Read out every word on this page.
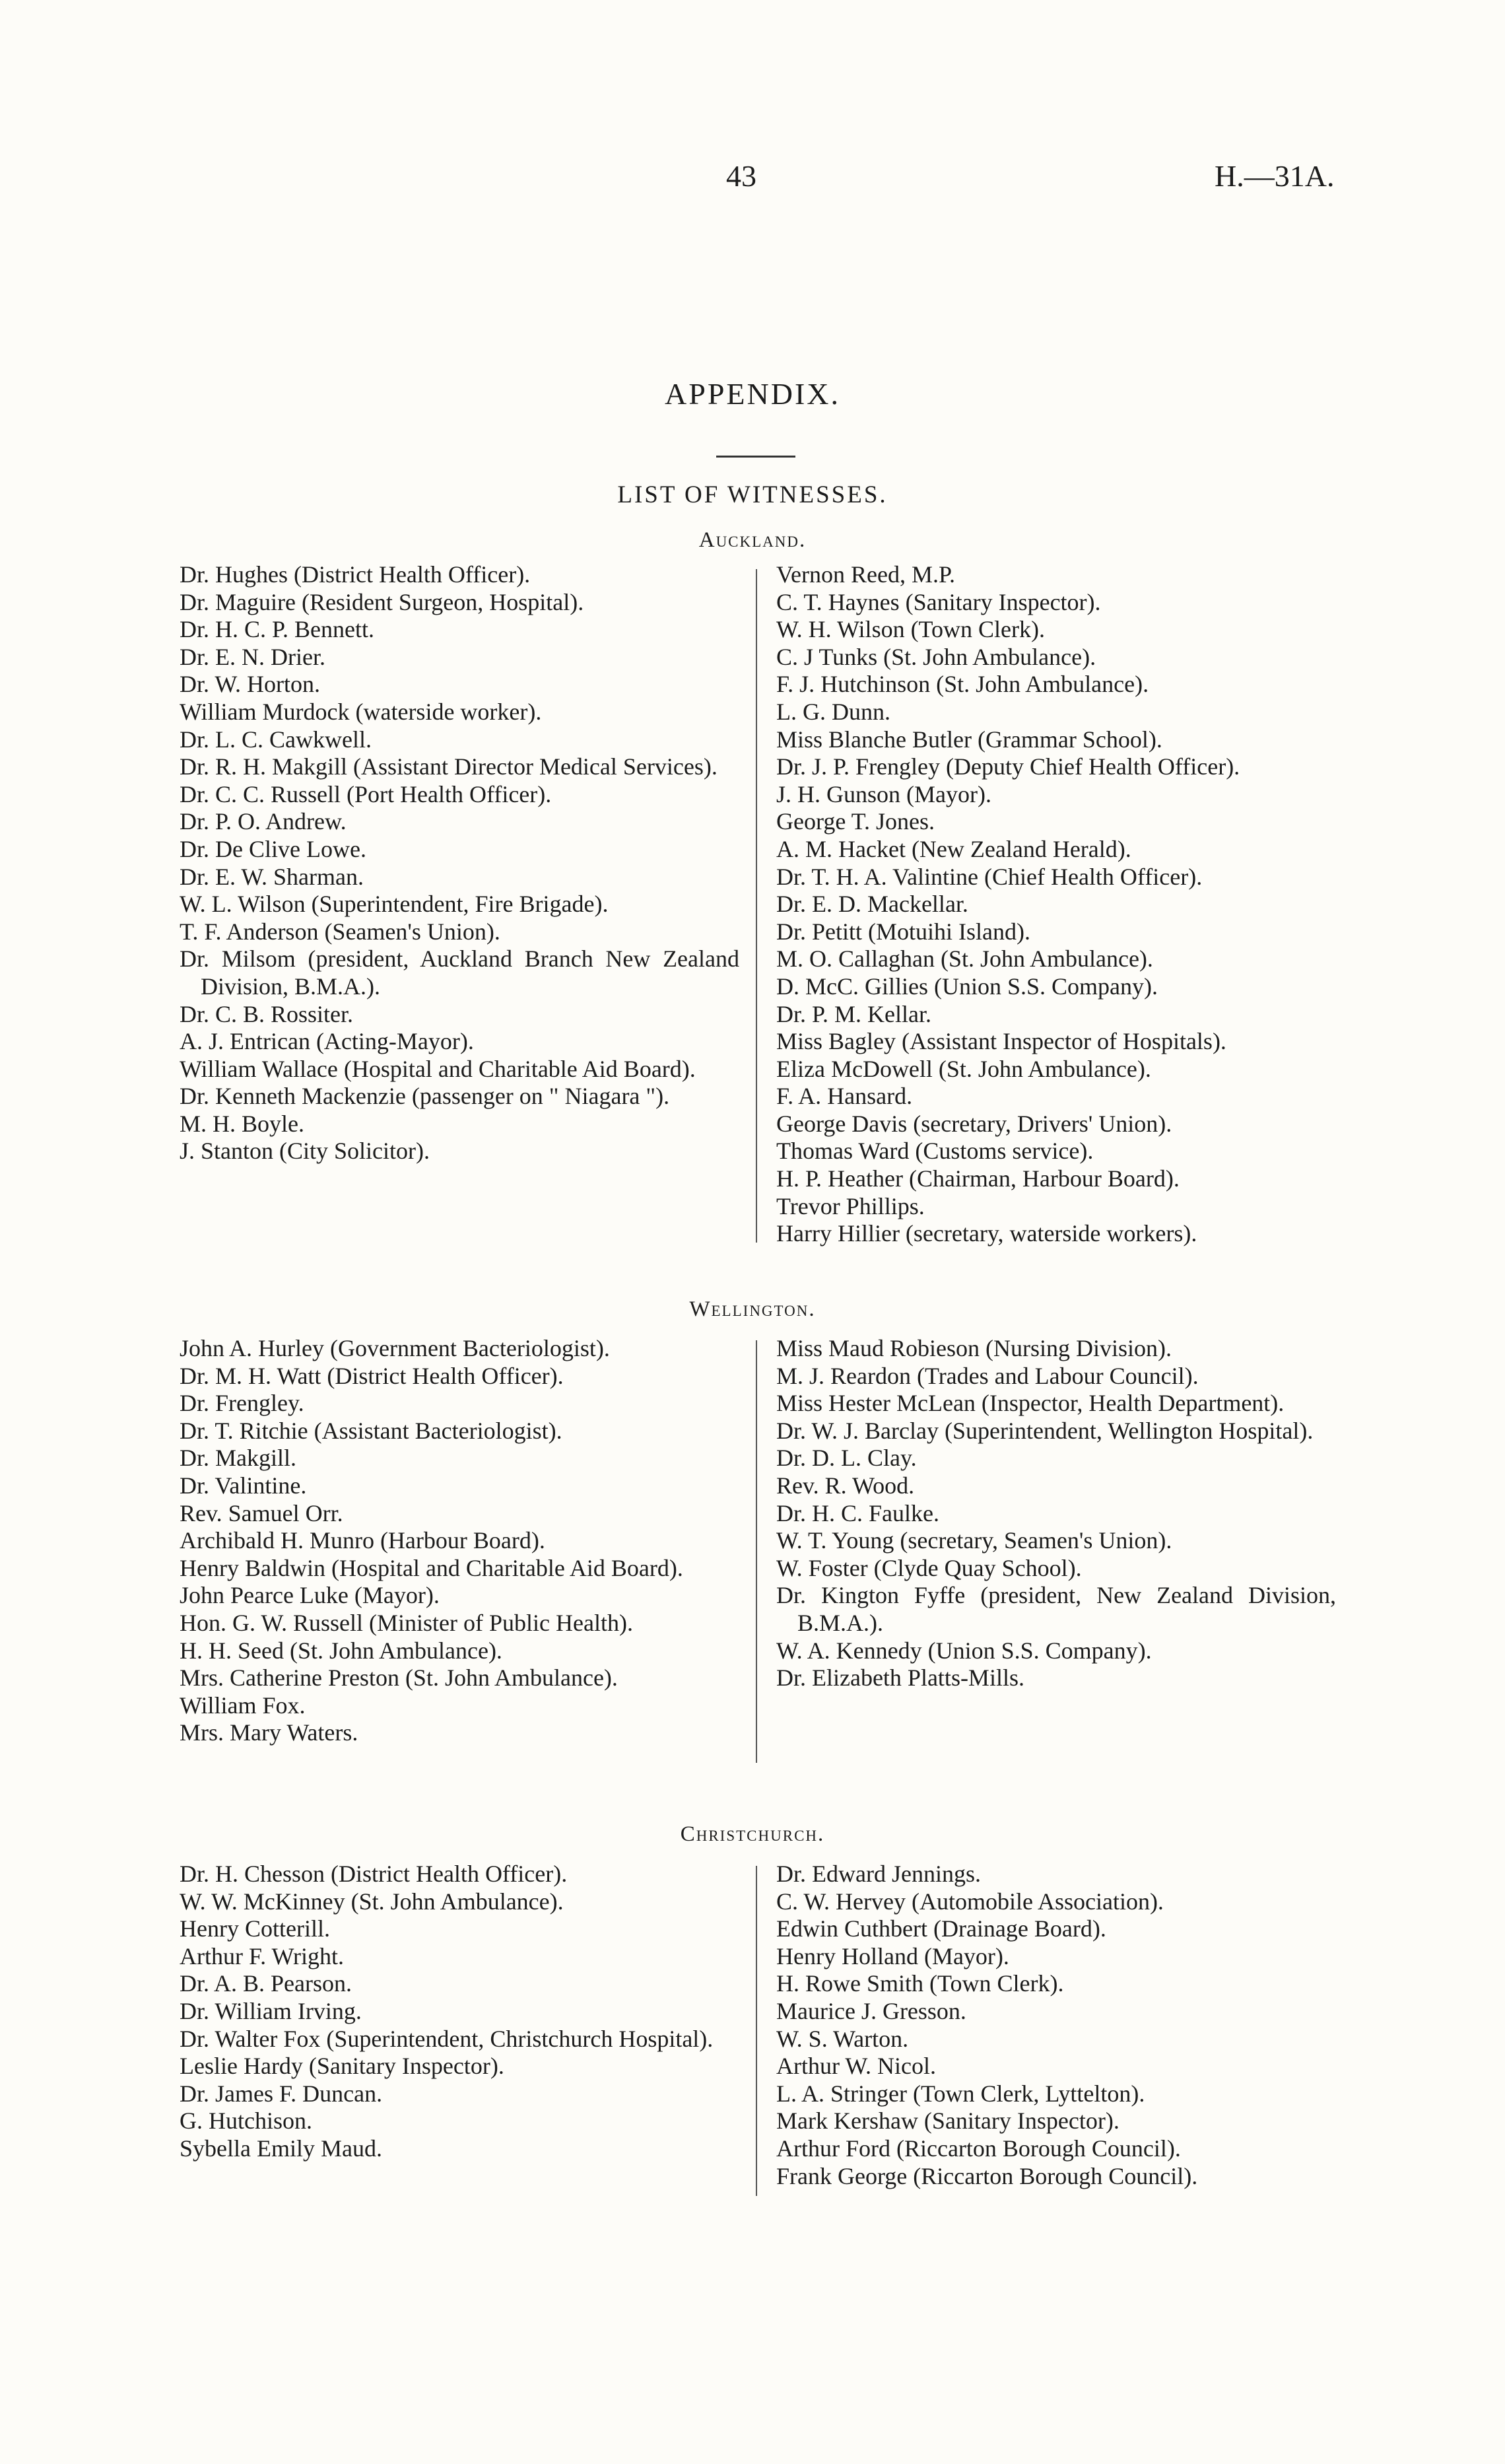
43	H.—31A.
APPENDIX.
LIST OF WITNESSES.
Auckland.
Dr. Hughes (District Health Officer).
Dr. Maguire (Resident Surgeon, Hospital).
Dr. H. C. P. Bennett.
Dr. E. N. Drier.
Dr. W. Horton.
William Murdock (waterside worker).
Dr. L. C. Cawkwell.
Dr. R. H. Makgill (Assistant Director Medical Services).
Dr. C. C. Russell (Port Health Officer).
Dr. P. O. Andrew.
Dr. De Clive Lowe.
Dr. E. W. Sharman.
W. L. Wilson (Superintendent, Fire Brigade).
T. F. Anderson (Seamen's Union).
Dr. Milsom (president, Auckland Branch New Zealand Division, B.M.A.).
Dr. C. B. Rossiter.
A. J. Entrican (Acting-Mayor).
William Wallace (Hospital and Charitable Aid Board).
Dr. Kenneth Mackenzie (passenger on " Niagara ").
M. H. Boyle.
J. Stanton (City Solicitor).
Vernon Reed, M.P.
C. T. Haynes (Sanitary Inspector).
W. H. Wilson (Town Clerk).
C. J Tunks (St. John Ambulance).
F. J. Hutchinson (St. John Ambulance).
L. G. Dunn.
Miss Blanche Butler (Grammar School).
Dr. J. P. Frengley (Deputy Chief Health Officer).
J. H. Gunson (Mayor).
George T. Jones.
A. M. Hacket (New Zealand Herald).
Dr. T. H. A. Valintine (Chief Health Officer).
Dr. E. D. Mackellar.
Dr. Petitt (Motuihi Island).
M. O. Callaghan (St. John Ambulance).
D. McC. Gillies (Union S.S. Company).
Dr. P. M. Kellar.
Miss Bagley (Assistant Inspector of Hospitals).
Eliza McDowell (St. John Ambulance).
F. A. Hansard.
George Davis (secretary, Drivers' Union).
Thomas Ward (Customs service).
H. P. Heather (Chairman, Harbour Board).
Trevor Phillips.
Harry Hillier (secretary, waterside workers).
Wellington.
John A. Hurley (Government Bacteriologist).
Dr. M. H. Watt (District Health Officer).
Dr. Frengley.
Dr. T. Ritchie (Assistant Bacteriologist).
Dr. Makgill.
Dr. Valintine.
Rev. Samuel Orr.
Archibald H. Munro (Harbour Board).
Henry Baldwin (Hospital and Charitable Aid Board).
John Pearce Luke (Mayor).
Hon. G. W. Russell (Minister of Public Health).
H. H. Seed (St. John Ambulance).
Mrs. Catherine Preston (St. John Ambulance).
William Fox.
Mrs. Mary Waters.
Miss Maud Robieson (Nursing Division).
M. J. Reardon (Trades and Labour Council).
Miss Hester McLean (Inspector, Health Department).
Dr. W. J. Barclay (Superintendent, Wellington Hospital).
Dr. D. L. Clay.
Rev. R. Wood.
Dr. H. C. Faulke.
W. T. Young (secretary, Seamen's Union).
W. Foster (Clyde Quay School).
Dr. Kington Fyffe (president, New Zealand Division, B.M.A.).
W. A. Kennedy (Union S.S. Company).
Dr. Elizabeth Platts-Mills.
Christchurch.
Dr. H. Chesson (District Health Officer).
W. W. McKinney (St. John Ambulance).
Henry Cotterill.
Arthur F. Wright.
Dr. A. B. Pearson.
Dr. William Irving.
Dr. Walter Fox (Superintendent, Christchurch Hospital).
Leslie Hardy (Sanitary Inspector).
Dr. James F. Duncan.
G. Hutchison.
Sybella Emily Maud.
Dr. Edward Jennings.
C. W. Hervey (Automobile Association).
Edwin Cuthbert (Drainage Board).
Henry Holland (Mayor).
H. Rowe Smith (Town Clerk).
Maurice J. Gresson.
W. S. Warton.
Arthur W. Nicol.
L. A. Stringer (Town Clerk, Lyttelton).
Mark Kershaw (Sanitary Inspector).
Arthur Ford (Riccarton Borough Council).
Frank George (Riccarton Borough Council).
